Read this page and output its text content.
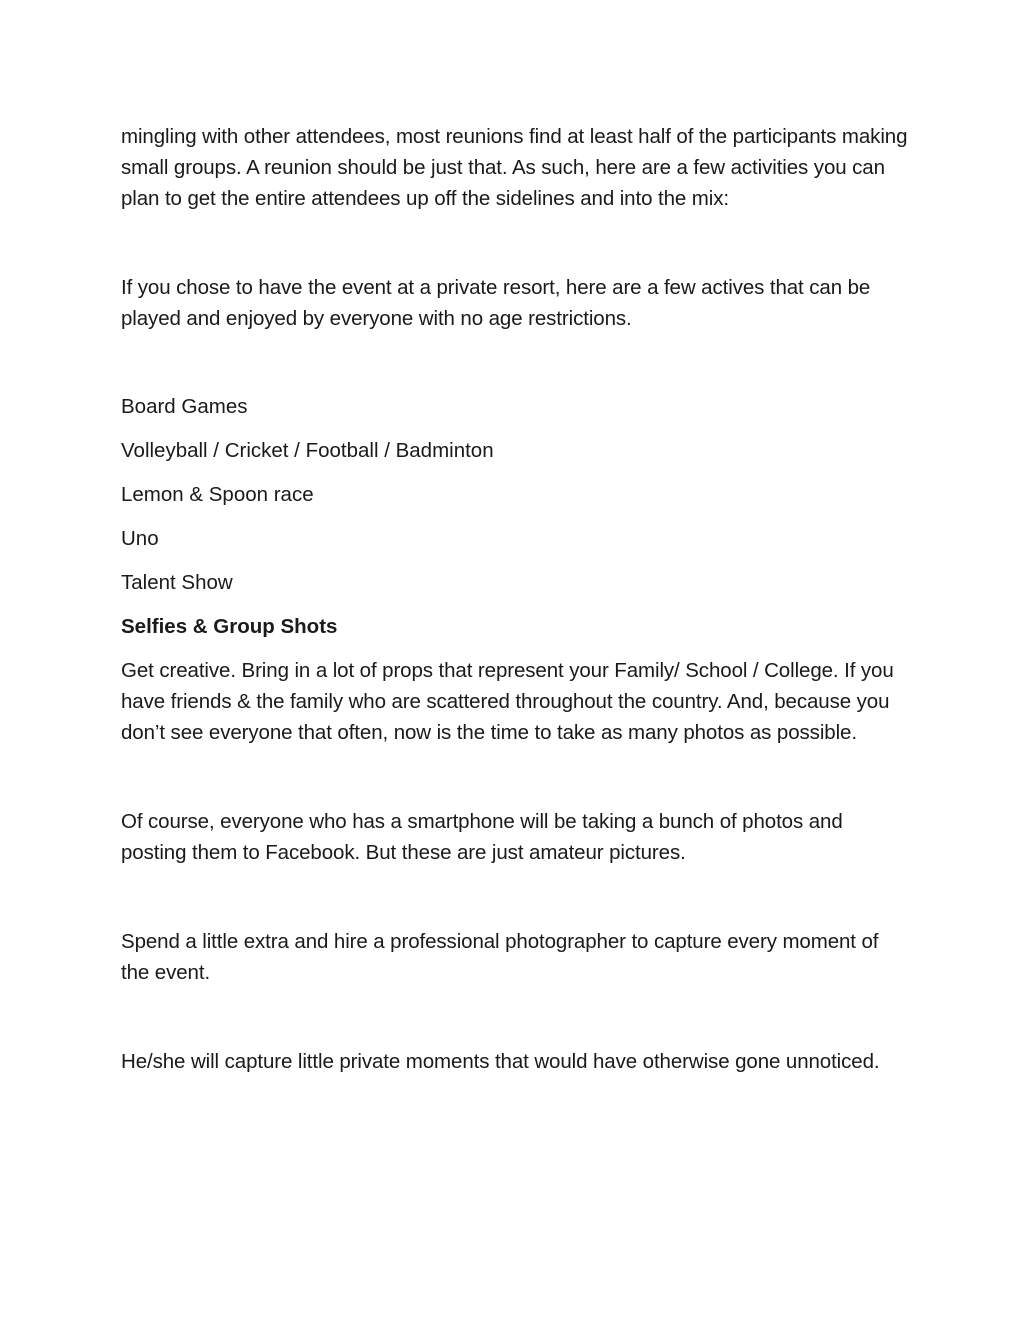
mingling with other attendees, most reunions find at least half of the participants making small groups. A reunion should be just that. As such, here are a few activities you can plan to get the entire attendees up off the sidelines and into the mix:

If you chose to have the event at a private resort, here are a few actives that can be played and enjoyed by everyone with no age restrictions.

Board Games

Volleyball / Cricket / Football / Badminton

Lemon & Spoon race

Uno

Talent Show

Selfies & Group Shots

Get creative. Bring in a lot of props that represent your Family/ School / College. If you have friends & the family who are scattered throughout the country. And, because you don’t see everyone that often, now is the time to take as many photos as possible.

Of course, everyone who has a smartphone will be taking a bunch of photos and posting them to Facebook. But these are just amateur pictures.

Spend a little extra and hire a professional photographer to capture every moment of the event.

He/she will capture little private moments that would have otherwise gone unnoticed.
